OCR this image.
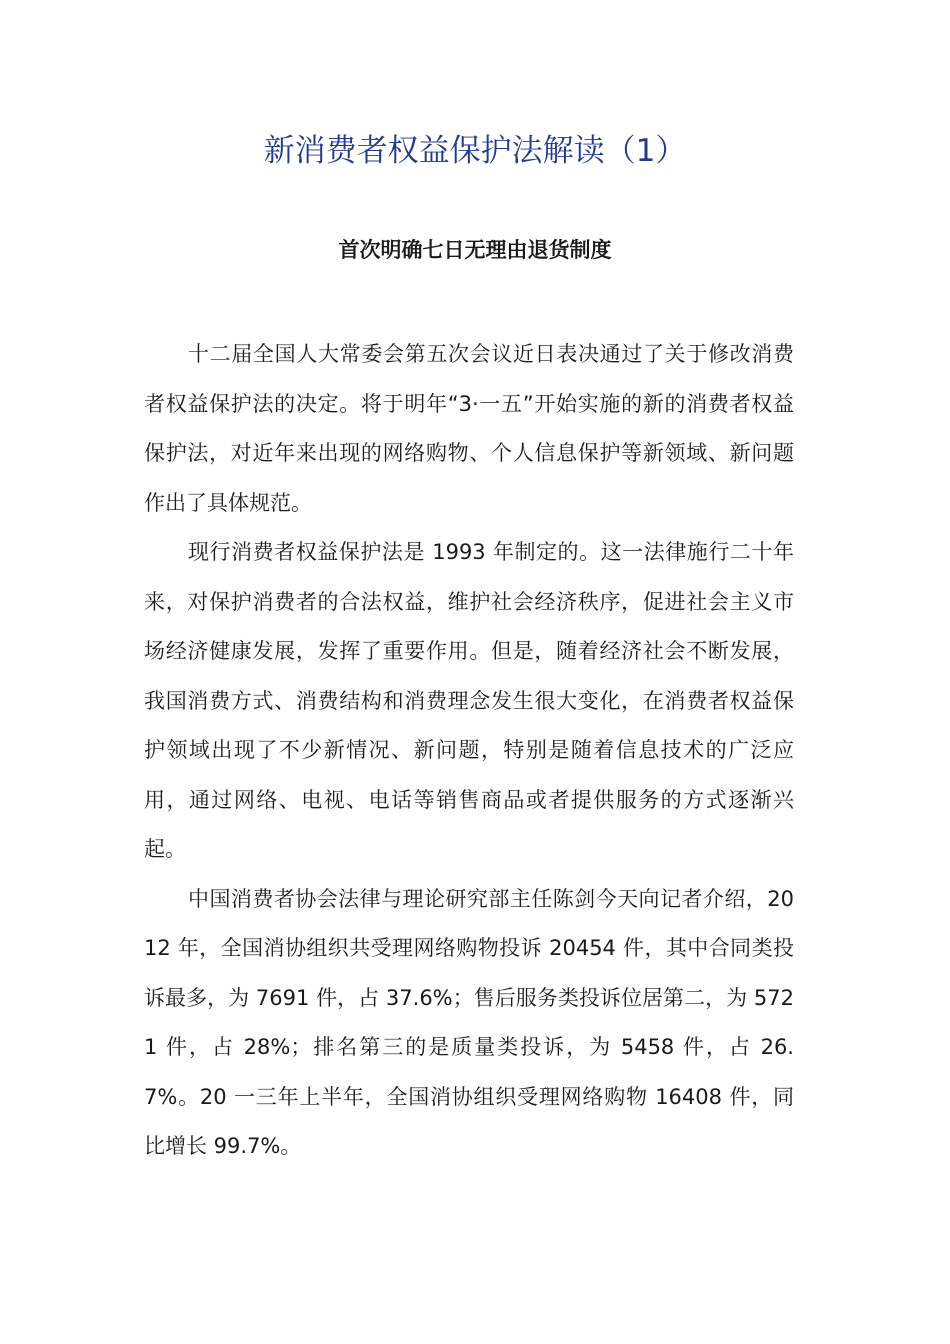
新消费者权益保护法解读（1）
首次明确七日无理由退货制度

十二届全国人大常委会第五次会议近日表决通过了关于修改消费者权益保护法的决定。将于明年“3·一五”开始实施的新的消费者权益保护法，对近年来出现的网络购物、个人信息保护等新领域、新问题作出了具体规范。

现行消费者权益保护法是 1993 年制定的。这一法律施行二十年来，对保护消费者的合法权益，维护社会经济秩序，促进社会主义市场经济健康发展，发挥了重要作用。但是，随着经济社会不断发展，我国消费方式、消费结构和消费理念发生很大变化，在消费者权益保护领域出现了不少新情况、新问题，特别是随着信息技术的广泛应用，通过网络、电视、电话等销售商品或者提供服务的方式逐渐兴起。

中国消费者协会法律与理论研究部主任陈剑今天向记者介绍，2012 年，全国消协组织共受理网络购物投诉 20454 件，其中合同类投诉最多，为 7691 件，占 37.6%；售后服务类投诉位居第二，为 5721 件，占 28%；排名第三的是质量类投诉，为 5458 件，占 26.7%。20 一三年上半年，全国消协组织受理网络购物 16408 件，同比增长 99.7%。
